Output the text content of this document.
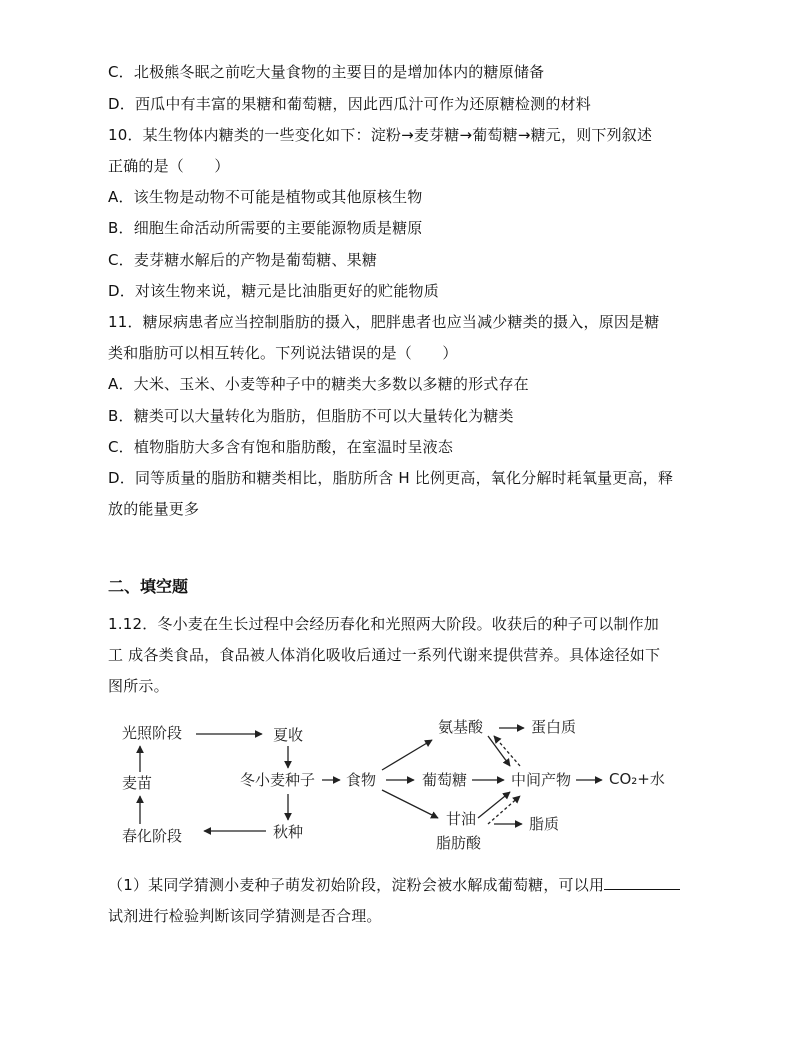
C．北极熊冬眠之前吃大量食物的主要目的是增加体内的糖原储备
D．西瓜中有丰富的果糖和葡萄糖，因此西瓜汁可作为还原糖检测的材料
10．某生物体内糖类的一些变化如下：淀粉→麦芽糖→葡萄糖→糖元，则下列叙述
正确的是（　　）
A．该生物是动物不可能是植物或其他原核生物
B．细胞生命活动所需要的主要能源物质是糖原
C．麦芽糖水解后的产物是葡萄糖、果糖
D．对该生物来说，糖元是比油脂更好的贮能物质
11．糖尿病患者应当控制脂肪的摄入，肥胖患者也应当减少糖类的摄入，原因是糖
类和脂肪可以相互转化。下列说法错误的是（　　）
A．大米、玉米、小麦等种子中的糖类大多数以多糖的形式存在
B．糖类可以大量转化为脂肪，但脂肪不可以大量转化为糖类
C．植物脂肪大多含有饱和脂肪酸，在室温时呈液态
D．同等质量的脂肪和糖类相比，脂肪所含 H 比例更高，氧化分解时耗氧量更高，释
放的能量更多
二、填空题
1.12．冬小麦在生长过程中会经历春化和光照两大阶段。收获后的种子可以制作加
工 成各类食品，食品被人体消化吸收后通过一系列代谢来提供营养。具体途径如下
图所示。
光照阶段	夏收
麦苗	冬小麦种子 食物
氨基酸	蛋白质
葡萄糖	中间产物	CO₂+水
甘油
脂肪酸
脂质
春化阶段	秋种
（1）某同学猜测小麦种子萌发初始阶段，淀粉会被水解成葡萄糖，可以用
试剂进行检验判断该同学猜测是否合理。
